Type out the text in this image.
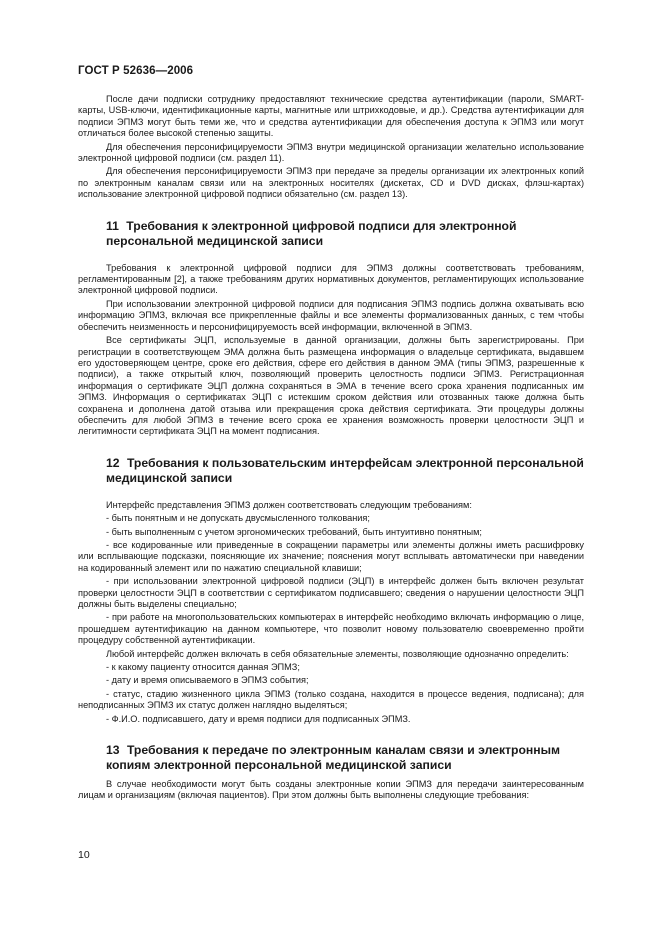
ГОСТ Р 52636—2006

После дачи подписки сотруднику предоставляют технические средства аутентификации (пароли, SMART-карты, USB-ключи, идентификационные карты, магнитные или штрихкодовые, и др.). Средства аутентификации для подписи ЭПМЗ могут быть теми же, что и средства аутентификации для обеспечения доступа к ЭПМЗ или могут отличаться более высокой степенью защиты.

Для обеспечения персонифицируемости ЭПМЗ внутри медицинской организации желательно использование электронной цифровой подписи (см. раздел 11).

Для обеспечения персонифицируемости ЭПМЗ при передаче за пределы организации их электронных копий по электронным каналам связи или на электронных носителях (дискетах, CD и DVD дисках, флэш-картах) использование электронной цифровой подписи обязательно (см. раздел 13).

11 Требования к электронной цифровой подписи для электронной персональной медицинской записи

Требования к электронной цифровой подписи для ЭПМЗ должны соответствовать требованиям, регламентированным [2], а также требованиям других нормативных документов, регламентирующих использование электронной цифровой подписи.

При использовании электронной цифровой подписи для подписания ЭПМЗ подпись должна охватывать всю информацию ЭПМЗ, включая все прикрепленные файлы и все элементы формализованных данных, с тем чтобы обеспечить неизменность и персонифицируемость всей информации, включенной в ЭПМЗ.

Все сертификаты ЭЦП, используемые в данной организации, должны быть зарегистрированы. При регистрации в соответствующем ЭМА должна быть размещена информация о владельце сертификата, выдавшем его удостоверяющем центре, сроке его действия, сфере его действия в данном ЭМА (типы ЭПМЗ, разрешенные к подписи), а также открытый ключ, позволяющий проверить целостность подписи ЭПМЗ. Регистрационная информация о сертификате ЭЦП должна сохраняться в ЭМА в течение всего срока хранения подписанных им ЭПМЗ. Информация о сертификатах ЭЦП с истекшим сроком действия или отозванных также должна быть сохранена и дополнена датой отзыва или прекращения срока действия сертификата. Эти процедуры должны обеспечить для любой ЭПМЗ в течение всего срока ее хранения возможность проверки целостности ЭЦП и легитимности сертификата ЭЦП на момент подписания.

12 Требования к пользовательским интерфейсам электронной персональной медицинской записи

Интерфейс представления ЭПМЗ должен соответствовать следующим требованиям:

- быть понятным и не допускать двусмысленного толкования;

- быть выполненным с учетом эргономических требований, быть интуитивно понятным;

- все кодированные или приведенные в сокращении параметры или элементы должны иметь расшифровку или всплывающие подсказки, поясняющие их значение; пояснения могут всплывать автоматически при наведении на кодированный элемент или по нажатию специальной клавиши;

- при использовании электронной цифровой подписи (ЭЦП) в интерфейс должен быть включен результат проверки целостности ЭЦП в соответствии с сертификатом подписавшего; сведения о нарушении целостности ЭЦП должны быть выделены специально;

- при работе на многопользовательских компьютерах в интерфейс необходимо включать информацию о лице, прошедшем аутентификацию на данном компьютере, что позволит новому пользователю своевременно пройти процедуру собственной аутентификации.

Любой интерфейс должен включать в себя обязательные элементы, позволяющие однозначно определить:

- к какому пациенту относится данная ЭПМЗ;

- дату и время описываемого в ЭПМЗ события;

- статус, стадию жизненного цикла ЭПМЗ (только создана, находится в процессе ведения, подписана); для неподписанных ЭПМЗ их статус должен наглядно выделяться;

- Ф.И.О. подписавшего, дату и время подписи для подписанных ЭПМЗ.

13 Требования к передаче по электронным каналам связи и электронным копиям электронной персональной медицинской записи

В случае необходимости могут быть созданы электронные копии ЭПМЗ для передачи заинтересованным лицам и организациям (включая пациентов). При этом должны быть выполнены следующие требования:

10
